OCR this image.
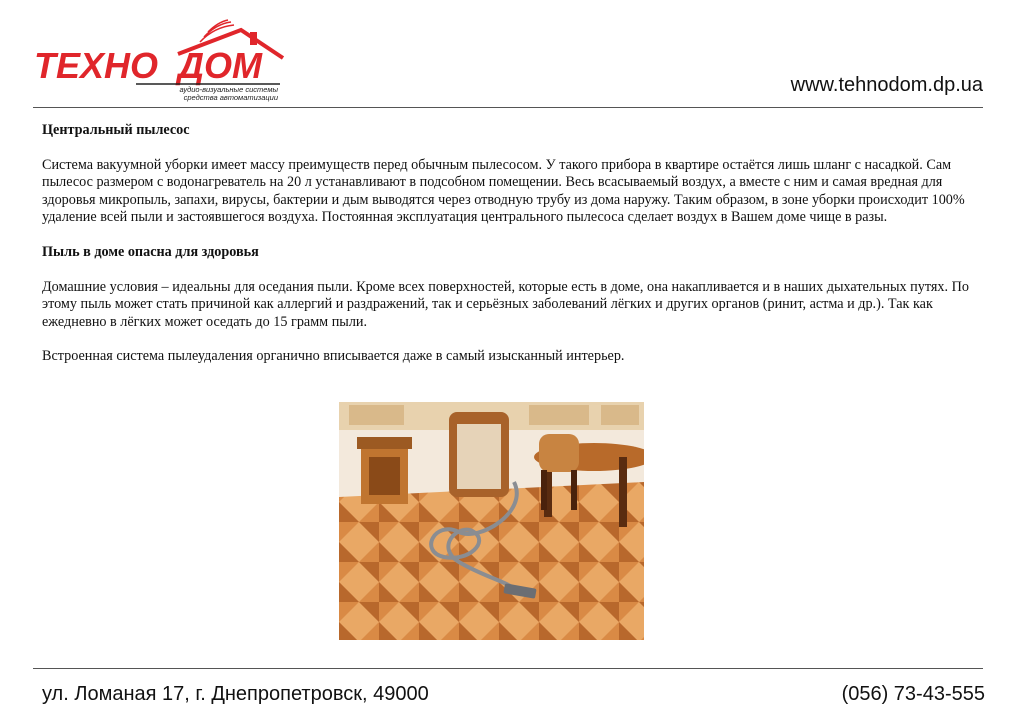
ТЕХНО ДОМ
аудио-визуальные системы
средства автоматизации
www.tehnodom.dp.ua
Центральный пылесос

Система вакуумной уборки имеет массу преимуществ перед обычным пылесосом. У такого прибора в квартире остаётся лишь шланг с насадкой. Сам пылесос размером с водонагреватель на 20 л устанавливают в подсобном помещении. Весь всасываемый воздух, а вместе с ним и самая вредная для здоровья микропыль, запахи, вирусы, бактерии и дым выводятся через отводную трубу из дома наружу. Таким образом, в зоне уборки происходит 100% удаление всей пыли и застоявшегося воздуха. Постоянная эксплуатация центрального пылесоса сделает воздух в Вашем доме чище в разы.

Пыль в доме опасна для здоровья

Домашние условия – идеальны для оседания пыли. Кроме всех поверхностей, которые есть в доме, она накапливается и в наших дыхательных путях. По этому пыль может стать причиной как аллергий и раздражений, так и серьёзных заболеваний лёгких и других органов (ринит, астма и др.). Так как ежедневно в лёгких может оседать до 15 грамм пыли.

Встроенная система пылеудаления органично вписывается даже в самый изысканный интерьер.

ул. Ломаная 17, г. Днепропетровск, 49000	(056) 73-43-555
